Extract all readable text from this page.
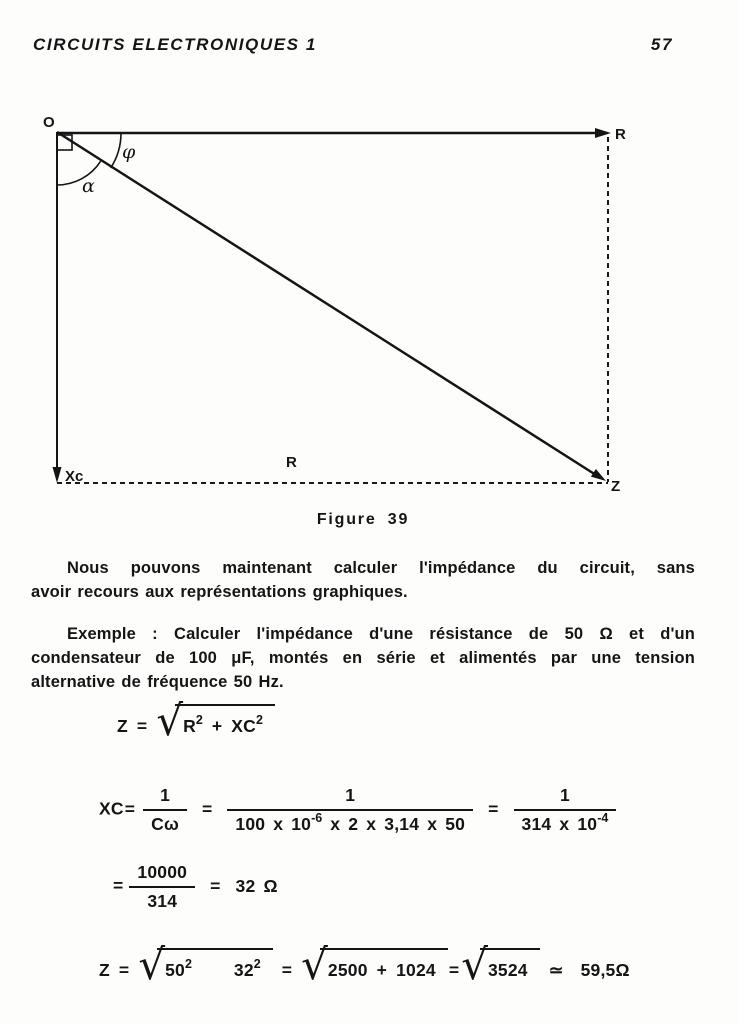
CIRCUITS ELECTRONIQUES 1	57
O
R
Xc
Z
R
φ
α
Figure 39
Nous pouvons maintenant calculer l'impédance du circuit, sans
avoir recours aux représentations graphiques.
Exemple : Calculer l'impédance d'une résistance de 50 Ω et d'un
condensateur de 100 μF, montés en série et alimentés par une tension
alternative de fréquence 50 Hz.
$Z = √R^2 + XC^2$
$XC= \frac{1}{C\omega} = \frac{1}{100 x 10^{-6} x 2 x 3,14 x 50} = \frac{1}{314 x 10^{-4}}$
= $\frac{10000}{314} = 32$ Ω
$Z = √50^2$ $32^2 = √2500 + 1024 =√3524$ ≃ 59,5Ω
